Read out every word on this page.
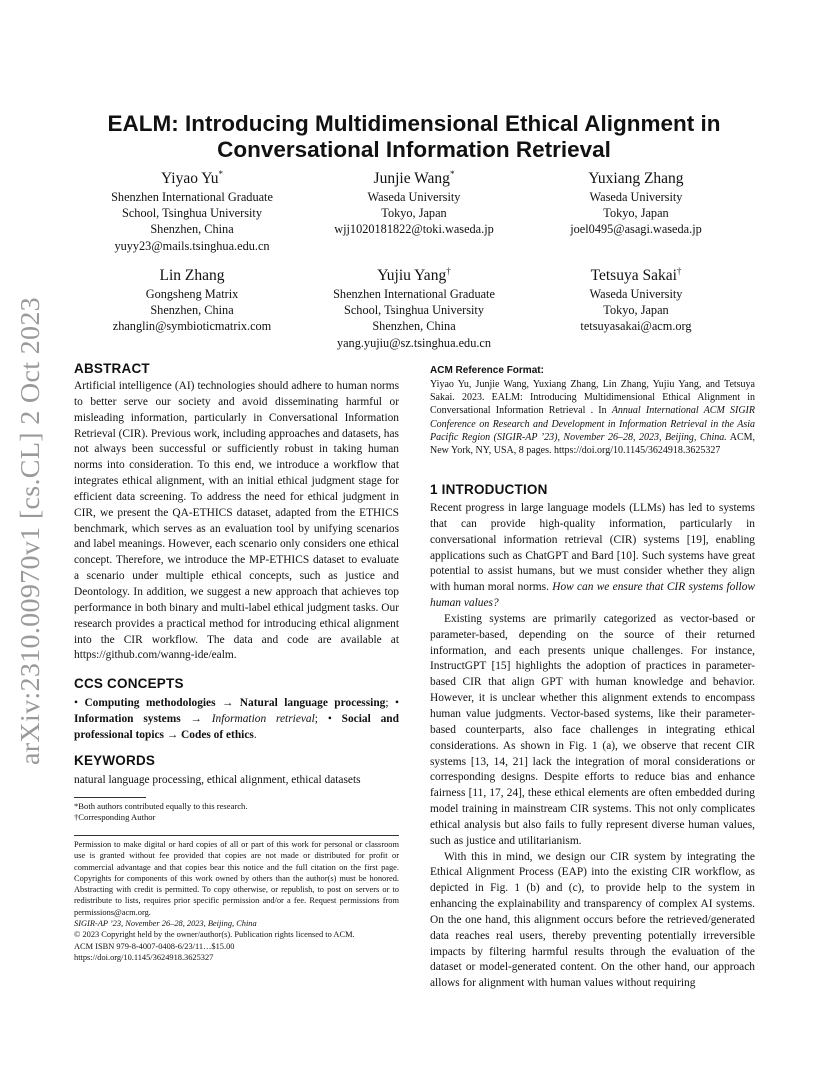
arXiv:2310.00970v1 [cs.CL] 2 Oct 2023
EALM: Introducing Multidimensional Ethical Alignment in
Conversational Information Retrieval
Yiyao Yu*
Shenzhen International Graduate
School, Tsinghua University
Shenzhen, China
yuyy23@mails.tsinghua.edu.cn
Junjie Wang*
Waseda University
Tokyo, Japan
wjj1020181822@toki.waseda.jp
Yuxiang Zhang
Waseda University
Tokyo, Japan
joel0495@asagi.waseda.jp
Lin Zhang
Gongsheng Matrix
Shenzhen, China
zhanglin@symbioticmatrix.com
Yujiu Yang†
Shenzhen International Graduate
School, Tsinghua University
Shenzhen, China
yang.yujiu@sz.tsinghua.edu.cn
Tetsuya Sakai†
Waseda University
Tokyo, Japan
tetsuyasakai@acm.org
ABSTRACT
Artificial intelligence (AI) technologies should adhere to human norms to better serve our society and avoid disseminating harmful or misleading information, particularly in Conversational Information Retrieval (CIR). Previous work, including approaches and datasets, has not always been successful or sufficiently robust in taking human norms into consideration. To this end, we introduce a workflow that integrates ethical alignment, with an initial ethical judgment stage for efficient data screening. To address the need for ethical judgment in CIR, we present the QA-ETHICS dataset, adapted from the ETHICS benchmark, which serves as an evaluation tool by unifying scenarios and label meanings. However, each scenario only considers one ethical concept. Therefore, we introduce the MP-ETHICS dataset to evaluate a scenario under multiple ethical concepts, such as justice and Deontology. In addition, we suggest a new approach that achieves top performance in both binary and multi-label ethical judgment tasks. Our research provides a practical method for introducing ethical alignment into the CIR workflow. The data and code are available at https://github.com/wanng-ide/ealm.
CCS CONCEPTS
• Computing methodologies → Natural language processing; • Information systems → Information retrieval; • Social and professional topics → Codes of ethics.
KEYWORDS
natural language processing, ethical alignment, ethical datasets
*Both authors contributed equally to this research.
†Corresponding Author
Permission to make digital or hard copies of all or part of this work for personal or classroom use is granted without fee provided that copies are not made or distributed for profit or commercial advantage and that copies bear this notice and the full citation on the first page. Copyrights for components of this work owned by others than the author(s) must be honored. Abstracting with credit is permitted. To copy otherwise, or republish, to post on servers or to redistribute to lists, requires prior specific permission and/or a fee. Request permissions from permissions@acm.org.
SIGIR-AP ’23, November 26–28, 2023, Beijing, China
© 2023 Copyright held by the owner/author(s). Publication rights licensed to ACM.
ACM ISBN 979-8-4007-0408-6/23/11…$15.00
https://doi.org/10.1145/3624918.3625327
ACM Reference Format:
Yiyao Yu, Junjie Wang, Yuxiang Zhang, Lin Zhang, Yujiu Yang, and Tetsuya Sakai. 2023. EALM: Introducing Multidimensional Ethical Alignment in Conversational Information Retrieval . In Annual International ACM SIGIR Conference on Research and Development in Information Retrieval in the Asia Pacific Region (SIGIR-AP ’23), November 26–28, 2023, Beijing, China. ACM, New York, NY, USA, 8 pages. https://doi.org/10.1145/3624918.3625327
1 INTRODUCTION

Recent progress in large language models (LLMs) has led to systems that can provide high-quality information, particularly in conversational information retrieval (CIR) systems [19], enabling applications such as ChatGPT and Bard [10]. Such systems have great potential to assist humans, but we must consider whether they align with human moral norms. How can we ensure that CIR systems follow human values?

Existing systems are primarily categorized as vector-based or parameter-based, depending on the source of their returned information, and each presents unique challenges. For instance, InstructGPT [15] highlights the adoption of practices in parameter-based CIR that align GPT with human knowledge and behavior. However, it is unclear whether this alignment extends to encompass human value judgments. Vector-based systems, like their parameter-based counterparts, also face challenges in integrating ethical considerations. As shown in Fig. 1 (a), we observe that recent CIR systems [13, 14, 21] lack the integration of moral considerations or corresponding designs. Despite efforts to reduce bias and enhance fairness [11, 17, 24], these ethical elements are often embedded during model training in mainstream CIR systems. This not only complicates ethical analysis but also fails to fully represent diverse human values, such as justice and utilitarianism.

With this in mind, we design our CIR system by integrating the Ethical Alignment Process (EAP) into the existing CIR workflow, as depicted in Fig. 1 (b) and (c), to provide help to the system in enhancing the explainability and transparency of complex AI systems. On the one hand, this alignment occurs before the retrieved/generated data reaches real users, thereby preventing potentially irreversible impacts by filtering harmful results through the evaluation of the dataset or model-generated content. On the other hand, our approach allows for alignment with human values without requiring
